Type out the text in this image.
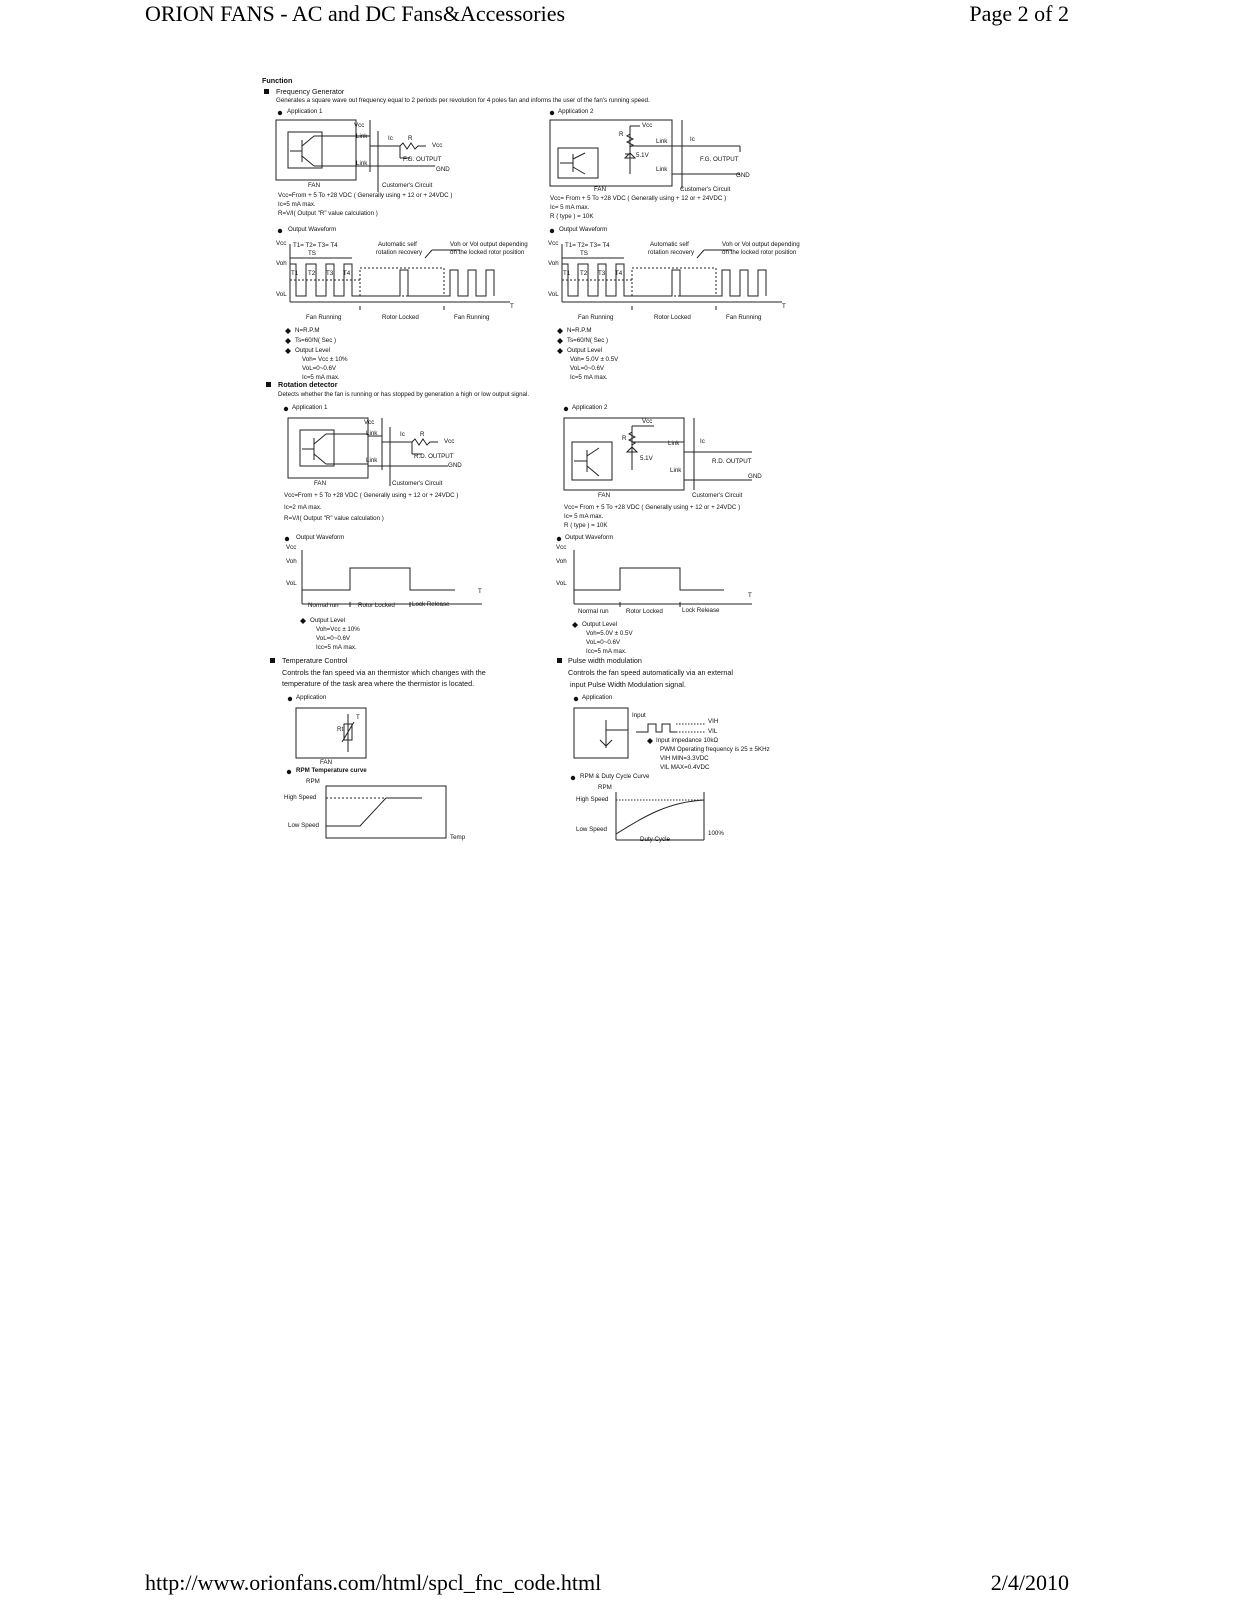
ORION FANS - AC and DC Fans&Accessories	Page 2 of 2
Function
Frequency Generator
Generates a square wave out frequency equal to 2 periods per revolution for 4 poles fan and informs the user of the fan's running speed.
Application 1
Vcc
Link	Ic R
Vcc
Link
F.G. OUTPUT
GND
FAN	Customer's Circuit
Vcc=From + 5 To +28 VDC ( Generally using + 12 or + 24VDC )
Ic=5 mA max.
R=V/I( Output "R" value calculation )
Application 2
Vcc
R
5.1V
Link	Ic
Link
F.G. OUTPUT
GND
FAN	Customer's Circuit
Vcc= From + 5 To +28 VDC ( Generally using + 12 or + 24VDC )
Ic= 5 mA max.
R ( type ) = 10K
Output Waveform
Vcc T1= T2= T3= T4
TS
Voh
T1 T2 T3 T4
VoL
Automatic self
rotation recovery
Voh or Vol output depending
on the locked rotor position
T
Fan Running	Rotor Locked	Fan Running
N=R.P.M
Ts=60/N( Sec )
Output Level
Voh= Vcc ± 10%
VoL=0~0.6V
Ic=5 mA max.
Output Waveform
Vcc T1= T2= T3= T4
TS
Voh
T1 T2 T3 T4
VoL
Automatic self
rotation recovery
Voh or Vol output depending
on the locked rotor position
T
Fan Running	Rotor Locked	Fan Running
N=R.P.M
Ts=60/N( Sec )
Output Level
Voh= 5.0V ± 0.5V
VoL=0~0.6V
Ic=5 mA max.
Rotation detector
Detects whether the fan is running or has stopped by generation a high or low output signal.
Application 1
Vcc
Link	Ic R
Vcc
Link
R.D. OUTPUT
GND
FAN	Customer's Circuit
Vcc=From + 5 To +28 VDC ( Generally using + 12 or + 24VDC )
Ic=2 mA max.
R=V/I( Output "R" value calculation )
Application 2
Vcc
R
5.1V
Link	Ic
Link
R.D. OUTPUT
GND
FAN	Customer's Circuit
Vcc= From + 5 To +28 VDC ( Generally using + 12 or + 24VDC )
Ic= 5 mA max.
R ( type ) = 10K
Output Waveform
Vcc
Voh
VoL
T
Normal run	Rotor Locked	Lock Release
Output Level
Voh=Vcc ± 10%
VoL=0~0.6V
Icc=5 mA max.
Output Waveform
Vcc
Voh
VoL
T
Normal run	Rotor Locked	Lock Release
Output Level
Voh=5.0V ± 0.5V
VoL=0~0.6V
Icc=5 mA max.
Temperature Control
Controls the fan speed via an thermistor which changes with the
temperature of the task area where the thermistor is located.
Application
T
Rt
FAN
RPM Temperature curve
RPM
High Speed
Low Speed
Temp
Pulse width modulation
Controls the fan speed automatically via an external
input Pulse Width Modulation signal.
Application
Input
VIH
VIL
Input impedance 10kΩ
PWM Operating frequency is 25 ± 5KHz
VIH MIN=3.3VDC
VIL MAX=0.4VDC
RPM & Duty Cycle Curve
RPM
High Speed
Low Speed
Duty Cycle
100%
http://www.orionfans.com/html/spcl_fnc_code.html	2/4/2010
